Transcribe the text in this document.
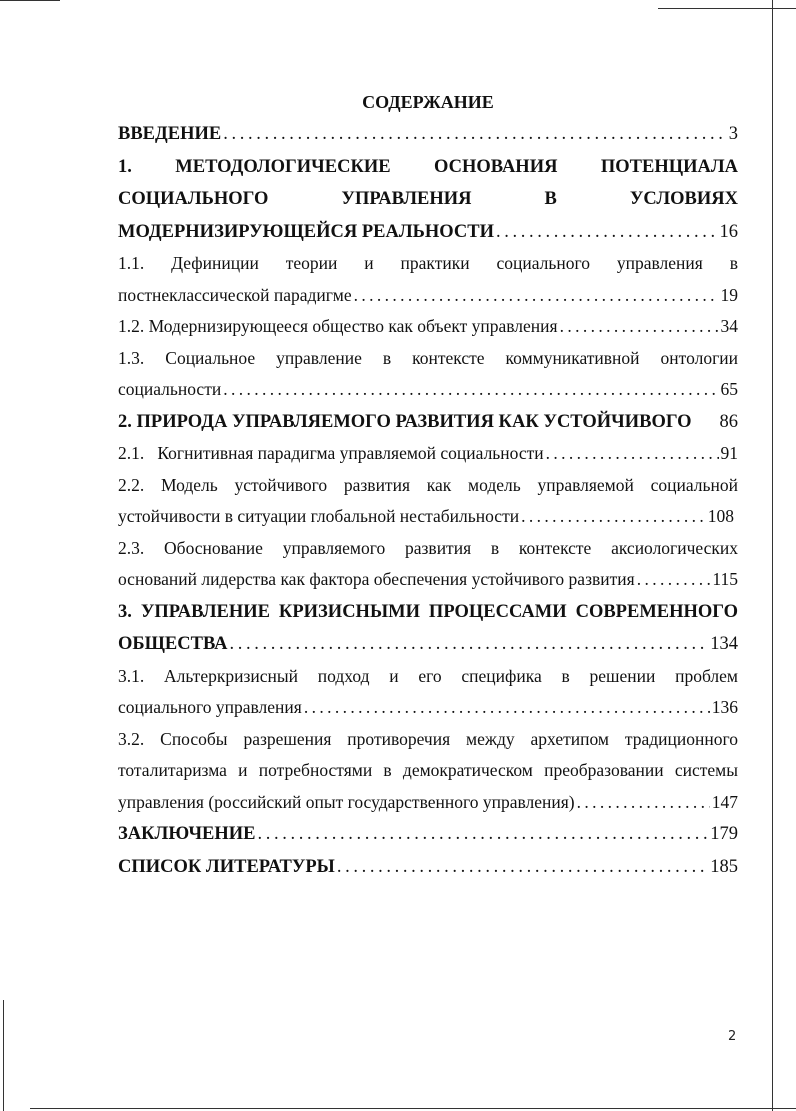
СОДЕРЖАНИЕ
ВВЕДЕНИЕ . . .	3
1. МЕТОДОЛОГИЧЕСКИЕ ОСНОВАНИЯ ПОТЕНЦИАЛА
СОЦИАЛЬНОГО	УПРАВЛЕНИЯ	В	УСЛОВИЯХ
МОДЕРНИЗИРУЮЩЕЙСЯ РЕАЛЬНОСТИ . . .	16
1.1. Дефиниции теории и практики социального управления в
постнеклассической парадигме . . .	19
1.2. Модернизирующееся общество как объект управления . . .	34
1.3. Социальное управление в контексте коммуникативной онтологии
социальности . . .	65
2. ПРИРОДА УПРАВЛЯЕМОГО РАЗВИТИЯ КАК УСТОЙЧИВОГО 86
2.1.   Когнитивная парадигма управляемой социальности . . .	91
2.2. Модель устойчивого развития как модель управляемой социальной
устойчивости в ситуации глобальной нестабильности . . .	108
2.3. Обоснование управляемого развития в контексте аксиологических
оснований лидерства как фактора обеспечения устойчивого развития . . .	115
3. УПРАВЛЕНИЕ КРИЗИСНЫМИ ПРОЦЕССАМИ СОВРЕМЕННОГО
ОБЩЕСТВА . . .	134
3.1. Альтеркризисный подход и его специфика в решении проблем
социального управления . . .	136
3.2. Способы разрешения противоречия между архетипом традиционного
тоталитаризма и потребностями в демократическом преобразовании системы
управления (российский опыт государственного управления) . . .	147
ЗАКЛЮЧЕНИЕ . . .	179
СПИСОК ЛИТЕРАТУРЫ . . .	185
2
